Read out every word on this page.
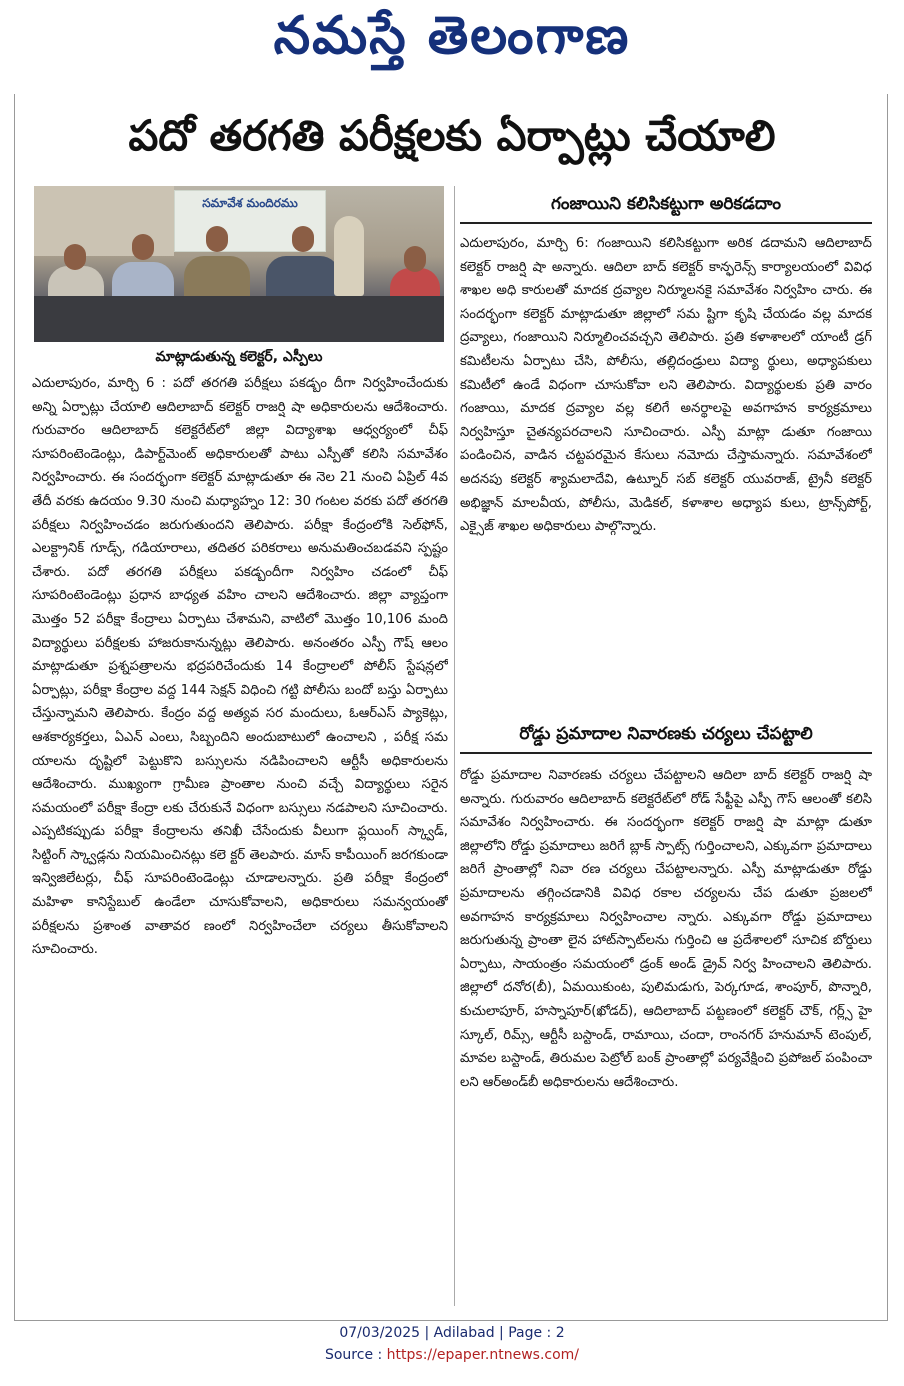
నమస్తే తెలంగాణ
పదో తరగతి పరీక్షలకు ఏర్పాట్లు చేయాలి
సమావేశ మందిరము
మాట్లాడుతున్న కలెక్టర్‌, ఎస్పీలు

ఎదులాపురం, మార్చి 6 : పదో తరగతి పరీక్షలు పకడ్బం దీగా నిర్వహించేందుకు అన్ని ఏర్పాట్లు చేయాలి ఆదిలాబాద్‌ కలెక్టర్‌ రాజర్షి షా అధికారులను ఆదేశించారు. గురువారం ఆదిలాబాద్‌ కలెక్టరేట్‌లో జిల్లా విద్యాశాఖ ఆధ్వర్యంలో చీఫ్‌ సూపరింటెండెంట్లు, డిపార్ట్‌మెంట్‌ అధికారులతో పాటు ఎస్పీతో కలిసి సమావేశం నిర్వహించారు. ఈ సందర్భంగా కలెక్టర్‌ మాట్లాడుతూ ఈ నెల 21 నుంచి ఏప్రిల్‌ 4వ తేదీ వరకు ఉదయం 9.30 నుంచి మధ్యాహ్నం 12: 30 గంటల వరకు పదో తరగతి పరీక్షలు నిర్వహించడం జరుగుతుందని తెలిపారు. పరీక్షా కేంద్రంలోకి సెల్‌ఫోన్‌, ఎలక్ట్రానిక్‌ గూడ్స్‌, గడియారాలు, తదితర పరికరాలు అనుమతించబడవని స్పష్టం చేశారు. పదో తరగతి పరీక్షలు పకడ్బందీగా నిర్వహిం చడంలో చీఫ్‌ సూపరింటెండెంట్లు ప్రధాన బాధ్యత వహిం చాలని ఆదేశించారు. జిల్లా వ్యాప్తంగా మొత్తం 52 పరీక్షా కేంద్రాలు ఏర్పాటు చేశామని, వాటిలో మొత్తం 10,106 మంది విద్యార్థులు పరీక్షలకు హాజరుకానున్నట్లు తెలిపారు. అనంతరం ఎస్పీ గౌష్‌ ఆలం మాట్లాడుతూ ప్రశ్నపత్రాలను భద్రపరిచేందుకు 14 కేంద్రాలలో పోలీస్‌ స్టేషన్లలో ఏర్పాట్లు, పరీక్షా కేంద్రాల వద్ద 144 సెక్షన్‌ విధించి గట్టి పోలీసు బందో బస్తు ఏర్పాటు చేస్తున్నామని తెలిపారు. కేంద్రం వద్ద అత్యవ సర మందులు, ఓఆర్‌ఎస్‌ ప్యాకెట్లు, ఆశకార్యకర్తలు, ఏఎన్‌ ఎంలు, సిబ్బందిని అందుబాటులో ఉంచాలని , పరీక్ష సమ యాలను దృష్టిలో పెట్టుకొని బస్సులను నడిపించాలని ఆర్టీసీ అధికారులను ఆదేశించారు. ముఖ్యంగా గ్రామీణ ప్రాంతాల నుంచి వచ్చే విద్యార్థులు సరైన సమయంలో పరీక్షా కేంద్రా లకు చేరుకునే విధంగా బస్సులు నడపాలని సూచించారు. ఎప్పటికప్పుడు పరీక్షా కేంద్రాలను తనిఖీ చేసేందుకు వీలుగా ఫ్లయింగ్‌ స్క్వాడ్‌, సిట్టింగ్‌ స్క్వాడ్లను నియమించినట్లు కలె క్టర్‌ తెలపారు. మాస్‌ కాపీయింగ్‌ జరగకుండా ఇన్విజిలేటర్లు, చీఫ్‌ సూపరింటెండెంట్లు చూడాలన్నారు. ప్రతి పరీక్షా కేంద్రంలో మహిళా కానిస్టేబుల్‌ ఉండేలా చూసుకోవాలని, అధికారులు సమన్వయంతో పరీక్షలను ప్రశాంత వాతావర ణంలో నిర్వహించేలా చర్యలు తీసుకోవాలని సూచించారు.

గంజాయిని కలిసికట్టుగా అరికడదాం

ఎదులాపురం, మార్చి 6: గంజాయిని కలిసికట్టుగా అరిక డదామని ఆదిలాబాద్‌ కలెక్టర్‌ రాజర్షి షా అన్నారు. ఆదిలా బాద్‌ కలెక్టర్‌ కాన్ఫరెన్స్‌ కార్యాలయంలో వివిధ శాఖల అధి కారులతో మాదక ద్రవ్యాల నిర్మూలనకై సమావేశం నిర్వహిం చారు. ఈ సందర్భంగా కలెక్టర్‌ మాట్లాడుతూ జిల్లాలో సమ ష్టిగా కృషి చేయడం వల్ల మాదక ద్రవ్యాలు, గంజాయిని నిర్మూలించవచ్చని తెలిపారు. ప్రతి కళాశాలలో యాంటీ డ్రగ్‌ కమిటీలను ఏర్పాటు చేసి, పోలీసు, తల్లిదండ్రులు విద్యా ర్థులు, అధ్యాపకులు కమిటీలో ఉండే విధంగా చూసుకోవా లని తెలిపారు. విద్యార్థులకు ప్రతి వారం గంజాయి, మాదక ద్రవ్యాల వల్ల కలిగే అనర్థాలపై అవగాహన కార్యక్రమాలు నిర్వహిస్తూ చైతన్యపరచాలని సూచించారు. ఎస్పీ మాట్లా డుతూ గంజాయి పండించిన, వాడిన చట్టపరమైన కేసులు నమోదు చేస్తామన్నారు. సమావేశంలో అదనపు కలెక్టర్‌ శ్యామలాదేవి, ఉట్నూర్‌ సబ్‌ కలెక్టర్‌ యువరాజ్‌, ట్రైనీ కలెక్టర్‌ అభిజ్ఞాన్‌ మాలవీయ, పోలీసు, మెడికల్‌, కళాశాల అధ్యాప కులు, ట్రాన్స్‌పోర్ట్‌, ఎక్సైజ్‌ శాఖల అధికారులు పాల్గొన్నారు.

రోడ్డు ప్రమాదాల నివారణకు చర్యలు చేపట్టాలి

రోడ్డు ప్రమాదాల నివారణకు చర్యలు చేపట్టాలని ఆదిలా బాద్‌ కలెక్టర్‌ రాజర్షి షా అన్నారు. గురువారం ఆదిలాబాద్‌ కలెక్టరేట్‌లో రోడ్‌ సేఫ్టీపై ఎస్పీ గౌస్‌ ఆలంతో కలిసి సమావేశం నిర్వహించారు. ఈ సందర్భంగా కలెక్టర్‌ రాజర్షి షా మాట్లా డుతూ జిల్లాలోని రోడ్డు ప్రమాదాలు జరిగే బ్లాక్‌ స్పాట్స్‌ గుర్తించాలని, ఎక్కువగా ప్రమాదాలు జరిగే ప్రాంతాల్లో నివా రణ చర్యలు చేపట్టాలన్నారు. ఎస్పీ మాట్లాడుతూ రోడ్డు ప్రమాదాలను తగ్గించడానికి వివిధ రకాల చర్యలను చేప డుతూ ప్రజలలో అవగాహన కార్యక్రమాలు నిర్వహించాల న్నారు. ఎక్కువగా రోడ్డు ప్రమాదాలు జరుగుతున్న ప్రాంతా లైన హాట్‌స్పాట్‌లను గుర్తించి ఆ ప్రదేశాలలో సూచిక బోర్డులు ఏర్పాటు, సాయంత్రం సమయంలో డ్రంక్‌ అండ్‌ డ్రైవ్‌ నిర్వ హించాలని తెలిపారు. జిల్లాలో దనోర(బీ), ఏమయికుంట, పులిమడుగు, పెర్కగూడ, శాంపూర్‌, పొన్నారి, కుచులాపూర్‌, హస్నాపూర్‌(ఖోడద్‌), ఆదిలాబాద్‌ పట్టణంలో కలెక్టర్‌ చౌక్‌, గర్ల్స్‌ హై స్కూల్‌, రిమ్స్‌, ఆర్టీసీ బస్టాండ్‌, రామాయి, చందా, రాంనగర్‌ హనుమాన్‌ టెంపుల్‌, మావల బస్టాండ్‌, తిరుమల పెట్రోల్‌ బంక్‌ ప్రాంతాల్లో పర్యవేక్షించి ప్రపోజల్‌ పంపించా లని ఆర్‌అండ్‌బీ అధికారులను ఆదేశించారు.

07/03/2025 | Adilabad | Page : 2
Source : https://epaper.ntnews.com/
